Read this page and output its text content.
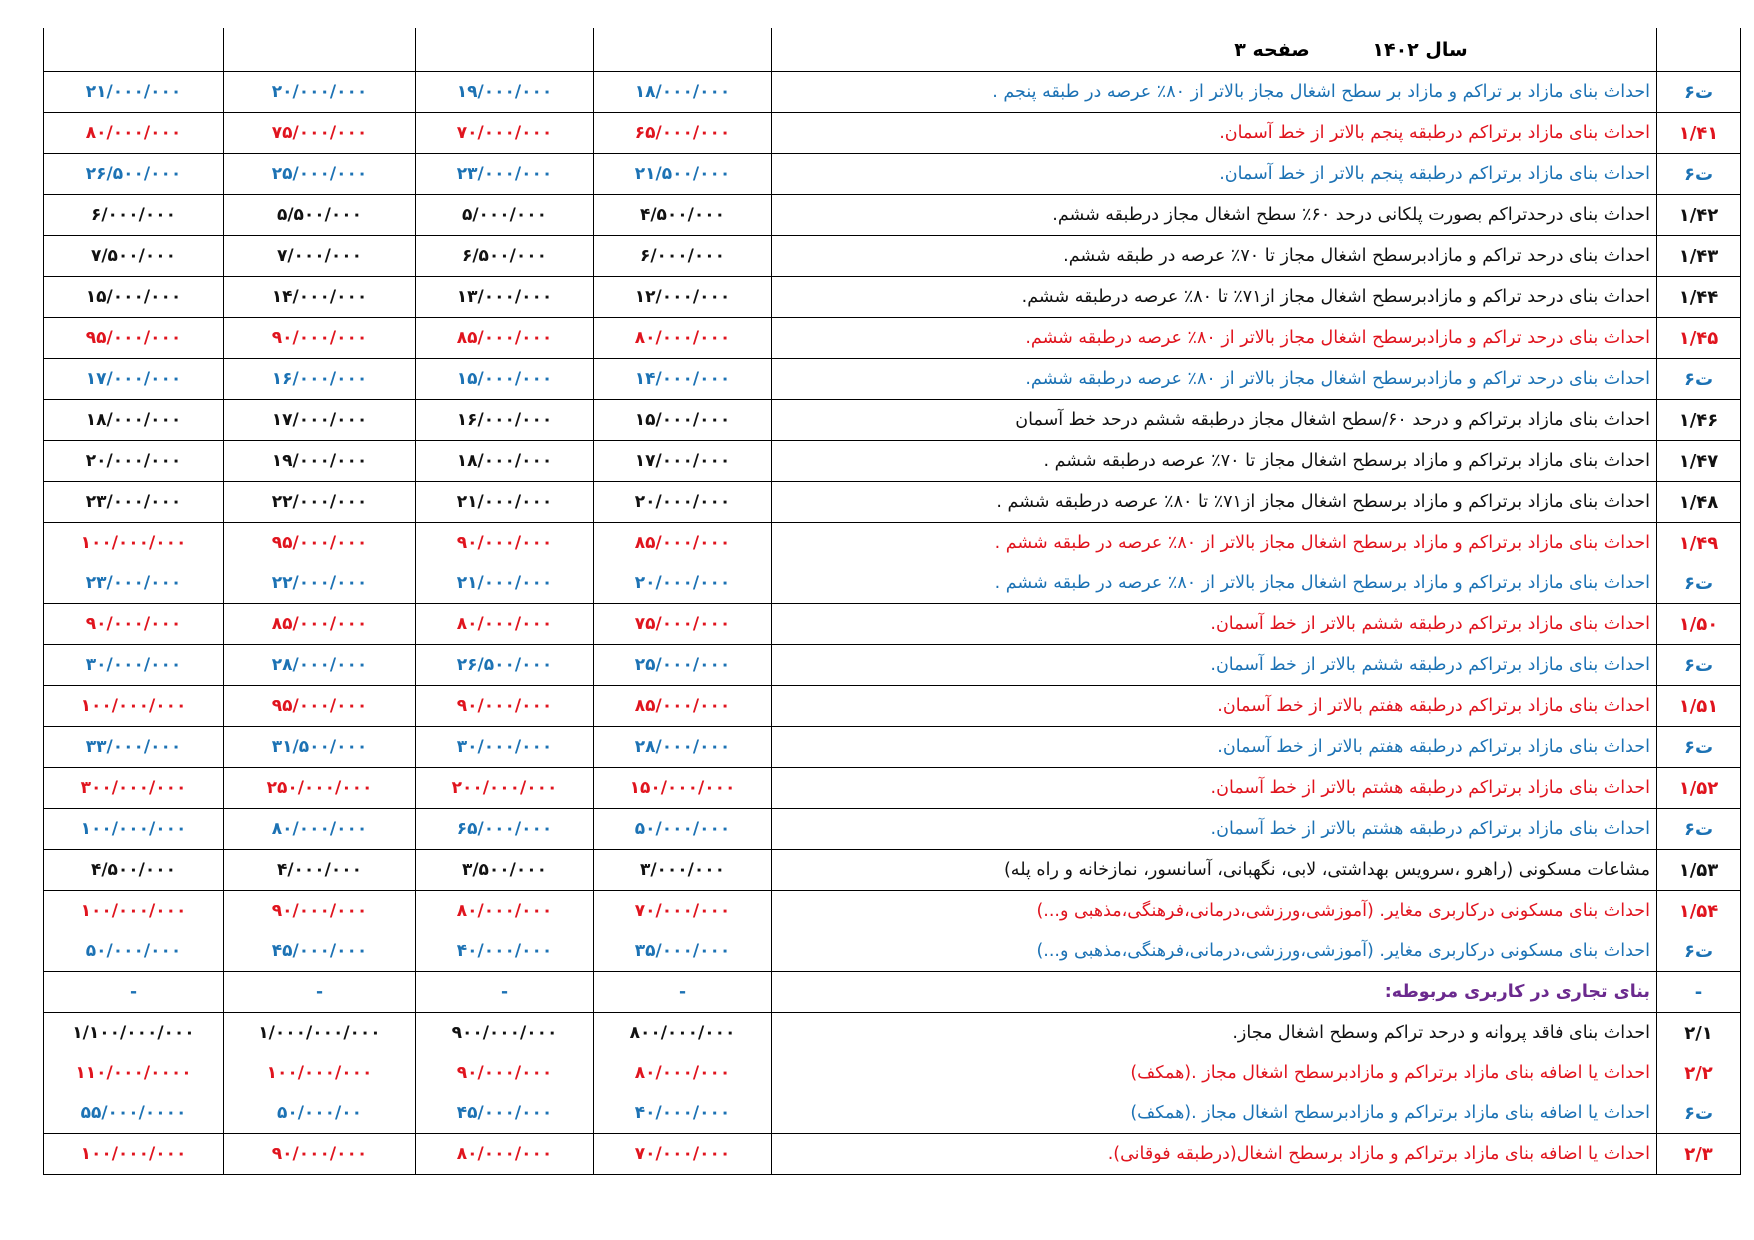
				سال ۱۴۰۲ صفحه ۳	
۲۱/۰۰۰/۰۰۰	۲۰/۰۰۰/۰۰۰	۱۹/۰۰۰/۰۰۰	۱۸/۰۰۰/۰۰۰	احداث بنای مازاد بر تراکم و مازاد بر سطح اشغال مجاز بالاتر از ۸۰٪ عرصه در طبقه پنجم .	ت۶
۸۰/۰۰۰/۰۰۰	۷۵/۰۰۰/۰۰۰	۷۰/۰۰۰/۰۰۰	۶۵/۰۰۰/۰۰۰	احداث بنای مازاد برتراکم درطبقه پنجم بالاتر از خط آسمان.	۱/۴۱
۲۶/۵۰۰/۰۰۰	۲۵/۰۰۰/۰۰۰	۲۳/۰۰۰/۰۰۰	۲۱/۵۰۰/۰۰۰	احداث بنای مازاد برتراکم درطبقه پنجم بالاتر از خط آسمان.	ت۶
۶/۰۰۰/۰۰۰	۵/۵۰۰/۰۰۰	۵/۰۰۰/۰۰۰	۴/۵۰۰/۰۰۰	احداث بنای درحدتراکم بصورت پلکانی درحد ۶۰٪ سطح اشغال مجاز درطبقه ششم.	۱/۴۲
۷/۵۰۰/۰۰۰	۷/۰۰۰/۰۰۰	۶/۵۰۰/۰۰۰	۶/۰۰۰/۰۰۰	احداث بنای درحد تراکم و مازادبرسطح اشغال مجاز تا ۷۰٪ عرصه در طبقه ششم.	۱/۴۳
۱۵/۰۰۰/۰۰۰	۱۴/۰۰۰/۰۰۰	۱۳/۰۰۰/۰۰۰	۱۲/۰۰۰/۰۰۰	احداث بنای درحد تراکم و مازادبرسطح اشغال مجاز از۷۱٪ تا ۸۰٪ عرصه درطبقه ششم.	۱/۴۴
۹۵/۰۰۰/۰۰۰	۹۰/۰۰۰/۰۰۰	۸۵/۰۰۰/۰۰۰	۸۰/۰۰۰/۰۰۰	احداث بنای درحد تراکم و مازادبرسطح اشغال مجاز بالاتر از ۸۰٪ عرصه درطبقه ششم.	۱/۴۵
۱۷/۰۰۰/۰۰۰	۱۶/۰۰۰/۰۰۰	۱۵/۰۰۰/۰۰۰	۱۴/۰۰۰/۰۰۰	احداث بنای درحد تراکم و مازادبرسطح اشغال مجاز بالاتر از ۸۰٪ عرصه درطبقه ششم.	ت۶
۱۸/۰۰۰/۰۰۰	۱۷/۰۰۰/۰۰۰	۱۶/۰۰۰/۰۰۰	۱۵/۰۰۰/۰۰۰	احداث بنای مازاد برتراکم و درحد ۶۰/سطح اشغال مجاز درطبقه ششم درحد خط آسمان	۱/۴۶
۲۰/۰۰۰/۰۰۰	۱۹/۰۰۰/۰۰۰	۱۸/۰۰۰/۰۰۰	۱۷/۰۰۰/۰۰۰	احداث بنای مازاد برتراکم و مازاد برسطح اشغال مجاز تا ۷۰٪ عرصه درطبقه ششم .	۱/۴۷
۲۳/۰۰۰/۰۰۰	۲۲/۰۰۰/۰۰۰	۲۱/۰۰۰/۰۰۰	۲۰/۰۰۰/۰۰۰	احداث بنای مازاد برتراکم و مازاد برسطح اشغال مجاز از۷۱٪ تا ۸۰٪ عرصه درطبقه ششم .	۱/۴۸
۱۰۰/۰۰۰/۰۰۰	۹۵/۰۰۰/۰۰۰	۹۰/۰۰۰/۰۰۰	۸۵/۰۰۰/۰۰۰	احداث بنای مازاد برتراکم و مازاد برسطح اشغال مجاز بالاتر از ۸۰٪ عرصه در طبقه ششم .	۱/۴۹
۲۳/۰۰۰/۰۰۰	۲۲/۰۰۰/۰۰۰	۲۱/۰۰۰/۰۰۰	۲۰/۰۰۰/۰۰۰	احداث بنای مازاد برتراکم و مازاد برسطح اشغال مجاز بالاتر از ۸۰٪ عرصه در طبقه ششم .	ت۶
۹۰/۰۰۰/۰۰۰	۸۵/۰۰۰/۰۰۰	۸۰/۰۰۰/۰۰۰	۷۵/۰۰۰/۰۰۰	احداث بنای مازاد برتراکم درطبقه ششم بالاتر از خط آسمان.	۱/۵۰
۳۰/۰۰۰/۰۰۰	۲۸/۰۰۰/۰۰۰	۲۶/۵۰۰/۰۰۰	۲۵/۰۰۰/۰۰۰	احداث بنای مازاد برتراکم درطبقه ششم بالاتر از خط آسمان.	ت۶
۱۰۰/۰۰۰/۰۰۰	۹۵/۰۰۰/۰۰۰	۹۰/۰۰۰/۰۰۰	۸۵/۰۰۰/۰۰۰	احداث بنای مازاد برتراکم درطبقه هفتم بالاتر از خط آسمان.	۱/۵۱
۳۳/۰۰۰/۰۰۰	۳۱/۵۰۰/۰۰۰	۳۰/۰۰۰/۰۰۰	۲۸/۰۰۰/۰۰۰	احداث بنای مازاد برتراکم درطبقه هفتم بالاتر از خط آسمان.	ت۶
۳۰۰/۰۰۰/۰۰۰	۲۵۰/۰۰۰/۰۰۰	۲۰۰/۰۰۰/۰۰۰	۱۵۰/۰۰۰/۰۰۰	احداث بنای مازاد برتراکم درطبقه هشتم بالاتر از خط آسمان.	۱/۵۲
۱۰۰/۰۰۰/۰۰۰	۸۰/۰۰۰/۰۰۰	۶۵/۰۰۰/۰۰۰	۵۰/۰۰۰/۰۰۰	احداث بنای مازاد برتراکم درطبقه هشتم بالاتر از خط آسمان.	ت۶
۴/۵۰۰/۰۰۰	۴/۰۰۰/۰۰۰	۳/۵۰۰/۰۰۰	۳/۰۰۰/۰۰۰	مشاعات مسکونی (راهرو ،سرویس بهداشتی، لابی، نگهبانی، آسانسور، نمازخانه و راه پله)	۱/۵۳
۱۰۰/۰۰۰/۰۰۰	۹۰/۰۰۰/۰۰۰	۸۰/۰۰۰/۰۰۰	۷۰/۰۰۰/۰۰۰	احداث بنای مسکونی درکاربری مغایر. (آموزشی،ورزشی،درمانی،فرهنگی،مذهبی و...)	۱/۵۴
۵۰/۰۰۰/۰۰۰	۴۵/۰۰۰/۰۰۰	۴۰/۰۰۰/۰۰۰	۳۵/۰۰۰/۰۰۰	احداث بنای مسکونی درکاربری مغایر. (آموزشی،ورزشی،درمانی،فرهنگی،مذهبی و...)	ت۶
-	-	-	-	بنای تجاری در کاربری مربوطه:	-
۱/۱۰۰/۰۰۰/۰۰۰	۱/۰۰۰/۰۰۰/۰۰۰	۹۰۰/۰۰۰/۰۰۰	۸۰۰/۰۰۰/۰۰۰	احداث بنای فاقد پروانه و درحد تراکم وسطح اشغال مجاز.	۲/۱
۱۱۰/۰۰۰/۰۰۰۰	۱۰۰/۰۰۰/۰۰۰	۹۰/۰۰۰/۰۰۰	۸۰/۰۰۰/۰۰۰	احداث یا اضافه بنای مازاد برتراکم و مازادبرسطح اشغال مجاز .(همکف)	۲/۲
۵۵/۰۰۰/۰۰۰۰	۵۰/۰۰۰/۰۰	۴۵/۰۰۰/۰۰۰	۴۰/۰۰۰/۰۰۰	احداث یا اضافه بنای مازاد برتراکم و مازادبرسطح اشغال مجاز .(همکف)	ت۶
۱۰۰/۰۰۰/۰۰۰	۹۰/۰۰۰/۰۰۰	۸۰/۰۰۰/۰۰۰	۷۰/۰۰۰/۰۰۰	احداث یا اضافه بنای مازاد برتراکم و مازاد برسطح اشغال(درطبقه فوقانی).	۲/۳
